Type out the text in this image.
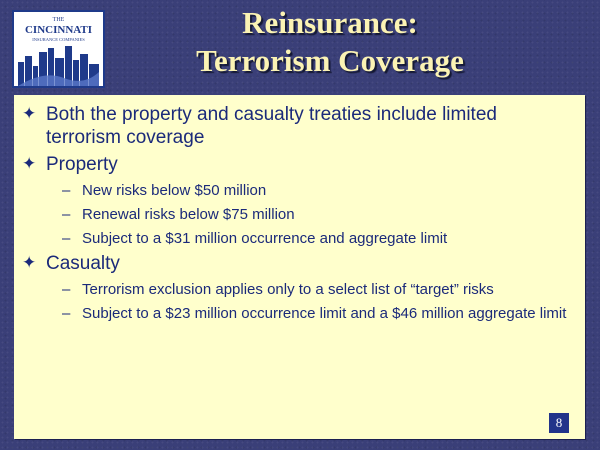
THE
CINCINNATI
INSURANCE COMPANIES	Reinsurance:
Terrorism Coverage
✦ Both the property and casualty treaties include limited terrorism coverage
✦ Property
– New risks below $50 million
– Renewal risks below $75 million
– Subject to a $31 million occurrence and aggregate limit
✦ Casualty
– Terrorism exclusion applies only to a select list of “target” risks
– Subject to a $23 million occurrence limit and a $46 million aggregate limit
8
